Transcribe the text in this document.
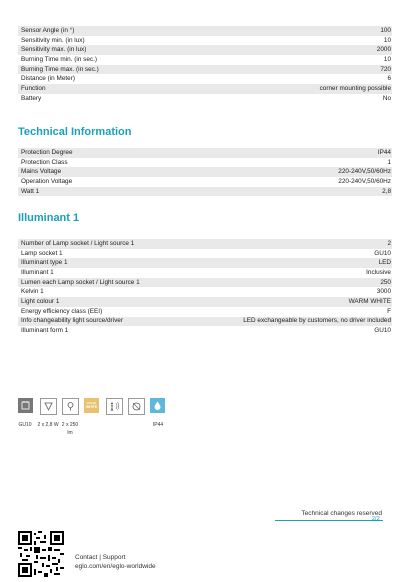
Sensor Angle (in °)	100
Sensitivity min. (in lux)	10
Sensitivity max. (in lux)	2000
Burning Time min. (in sec.)	10
Burning Time max. (in sec.)	720
Distance (in Meter)	6
Function	corner mounting possible
Battery	No
Technical Information
Protection Degree	IP44
Protection Class	1
Mains Voltage	220-240V,50/60Hz
Operation Voltage	220-240V,50/60Hz
Watt 1	2,8
Illuminant 1
Number of Lamp socket / Light source 1	2
Lamp socket 1	GU10
Illuminant type 1	LED
Illuminant 1	Inclusive
Lumen each Lamp socket / Light source 1	250
Kelvin 1	3000
Light colour 1	WARM WHITE
Energy efficiency class (EEI)	F
Info changeability light source/driver	LED exchangeable by customers, no driver included
Illuminant form 1	GU10
GU10	2 x 2,8 W 2 x 250 lm
WARM
WHITE
IP44
Technical changes reserved
2/2
Contact | Support
eglo.com/en/eglo-worldwide
